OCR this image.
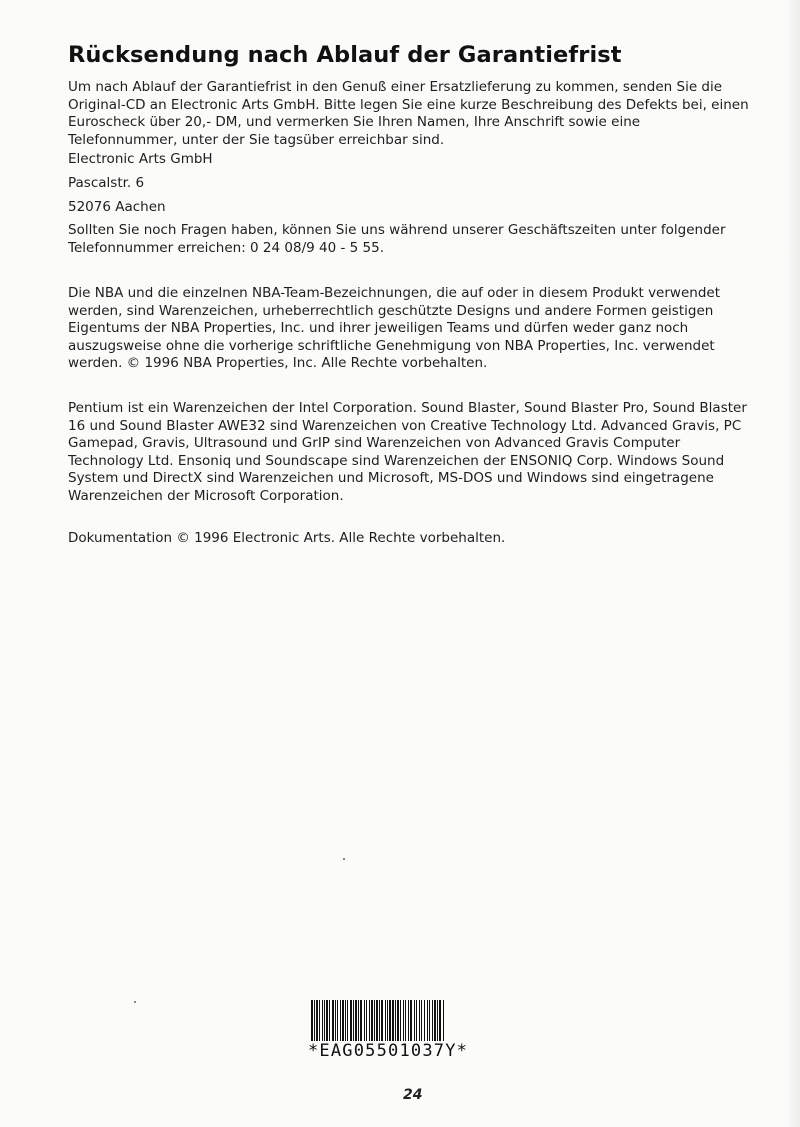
Rücksendung nach Ablauf der Garantiefrist
Um nach Ablauf der Garantiefrist in den Genuß einer Ersatzlieferung zu kommen, senden Sie die
Original-CD an Electronic Arts GmbH. Bitte legen Sie eine kurze Beschreibung des Defekts bei, einen
Euroscheck über 20,- DM, und vermerken Sie Ihren Namen, Ihre Anschrift sowie eine
Telefonnummer, unter der Sie tagsüber erreichbar sind.
Electronic Arts GmbH
Pascalstr. 6
52076 Aachen
Sollten Sie noch Fragen haben, können Sie uns während unserer Geschäftszeiten unter folgender
Telefonnummer erreichen: 0 24 08/9 40 - 5 55.
Die NBA und die einzelnen NBA-Team-Bezeichnungen, die auf oder in diesem Produkt verwendet
werden, sind Warenzeichen, urheberrechtlich geschützte Designs und andere Formen geistigen
Eigentums der NBA Properties, Inc. und ihrer jeweiligen Teams und dürfen weder ganz noch
auszugsweise ohne die vorherige schriftliche Genehmigung von NBA Properties, Inc. verwendet
werden. © 1996 NBA Properties, Inc. Alle Rechte vorbehalten.
Pentium ist ein Warenzeichen der Intel Corporation. Sound Blaster, Sound Blaster Pro, Sound Blaster
16 und Sound Blaster AWE32 sind Warenzeichen von Creative Technology Ltd. Advanced Gravis, PC
Gamepad, Gravis, Ultrasound und GrIP sind Warenzeichen von Advanced Gravis Computer
Technology Ltd. Ensoniq und Soundscape sind Warenzeichen der ENSONIQ Corp. Windows Sound
System und DirectX sind Warenzeichen und Microsoft, MS-DOS und Windows sind eingetragene
Warenzeichen der Microsoft Corporation.
Dokumentation © 1996 Electronic Arts. Alle Rechte vorbehalten.
*EAG05501037Y*
24
